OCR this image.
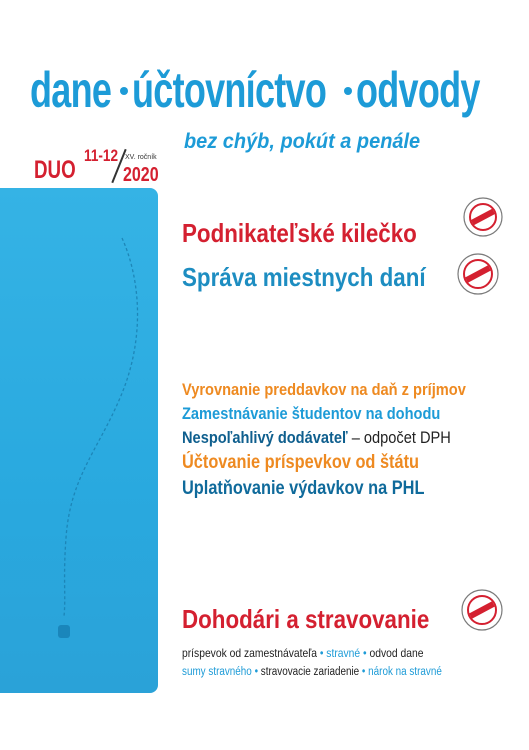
dane účtovníctvo odvody
bez chýb, pokút a penále
DUO
11-12 XV. ročník
2020
Podnikateľské kilečko
Správa miestnych daní
Vyrovnanie preddavkov na daň z príjmov
Zamestnávanie študentov na dohodu
Nespoľahlivý dodávateľ – odpočet DPH
Účtovanie príspevkov od štátu
Uplatňovanie výdavkov na PHL
Dohodári a stravovanie
príspevok od zamestnávateľa • stravné • odvod dane
sumy stravného • stravovacie zariadenie • nárok na stravné
